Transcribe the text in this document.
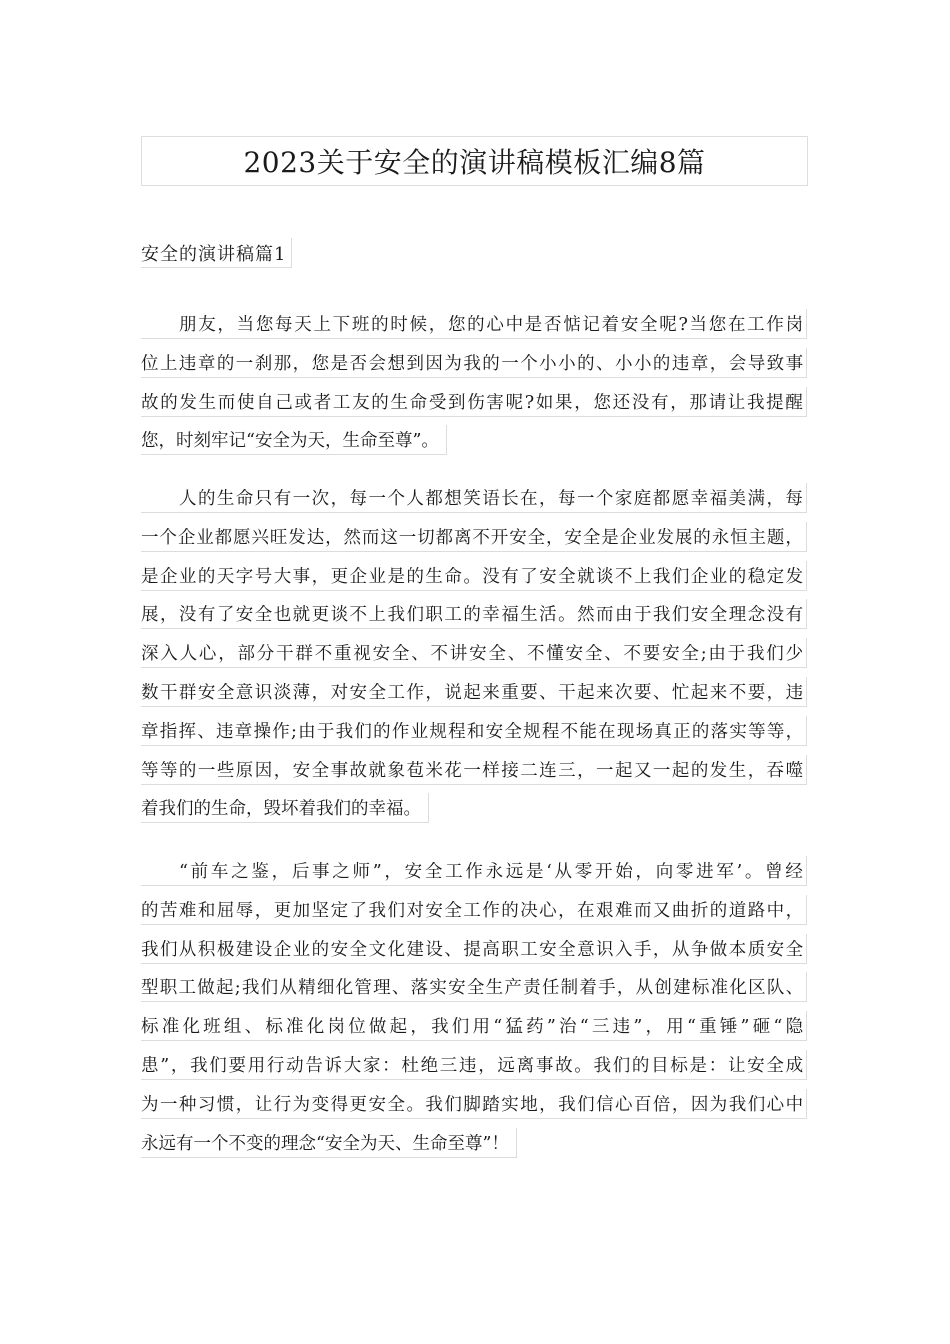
2023关于安全的演讲稿模板汇编8篇
安全的演讲稿篇1
朋友，当您每天上下班的时候，您的心中是否惦记着安全呢?当您在工作岗
位上违章的一刹那，您是否会想到因为我的一个小小的、小小的违章，会导致事
故的发生而使自己或者工友的生命受到伤害呢?如果，您还没有，那请让我提醒
您，时刻牢记“安全为天，生命至尊”。
人的生命只有一次，每一个人都想笑语长在，每一个家庭都愿幸福美满，每
一个企业都愿兴旺发达，然而这一切都离不开安全，安全是企业发展的永恒主题，
是企业的天字号大事，更企业是的生命。没有了安全就谈不上我们企业的稳定发
展，没有了安全也就更谈不上我们职工的幸福生活。然而由于我们安全理念没有
深入人心，部分干群不重视安全、不讲安全、不懂安全、不要安全;由于我们少
数干群安全意识淡薄，对安全工作，说起来重要、干起来次要、忙起来不要，违
章指挥、违章操作;由于我们的作业规程和安全规程不能在现场真正的落实等等，
等等的一些原因，安全事故就象苞米花一样接二连三，一起又一起的发生，吞噬
着我们的生命，毁坏着我们的幸福。
“前车之鉴，后事之师”，安全工作永远是‘从零开始，向零进军’。曾经
的苦难和屈辱，更加坚定了我们对安全工作的决心，在艰难而又曲折的道路中，
我们从积极建设企业的安全文化建设、提高职工安全意识入手，从争做本质安全
型职工做起;我们从精细化管理、落实安全生产责任制着手，从创建标准化区队、
标准化班组、标准化岗位做起，我们用“猛药”治“三违”，用“重锤”砸“隐
患”，我们要用行动告诉大家：杜绝三违，远离事故。我们的目标是：让安全成
为一种习惯，让行为变得更安全。我们脚踏实地，我们信心百倍，因为我们心中
永远有一个不变的理念“安全为天、生命至尊”！
